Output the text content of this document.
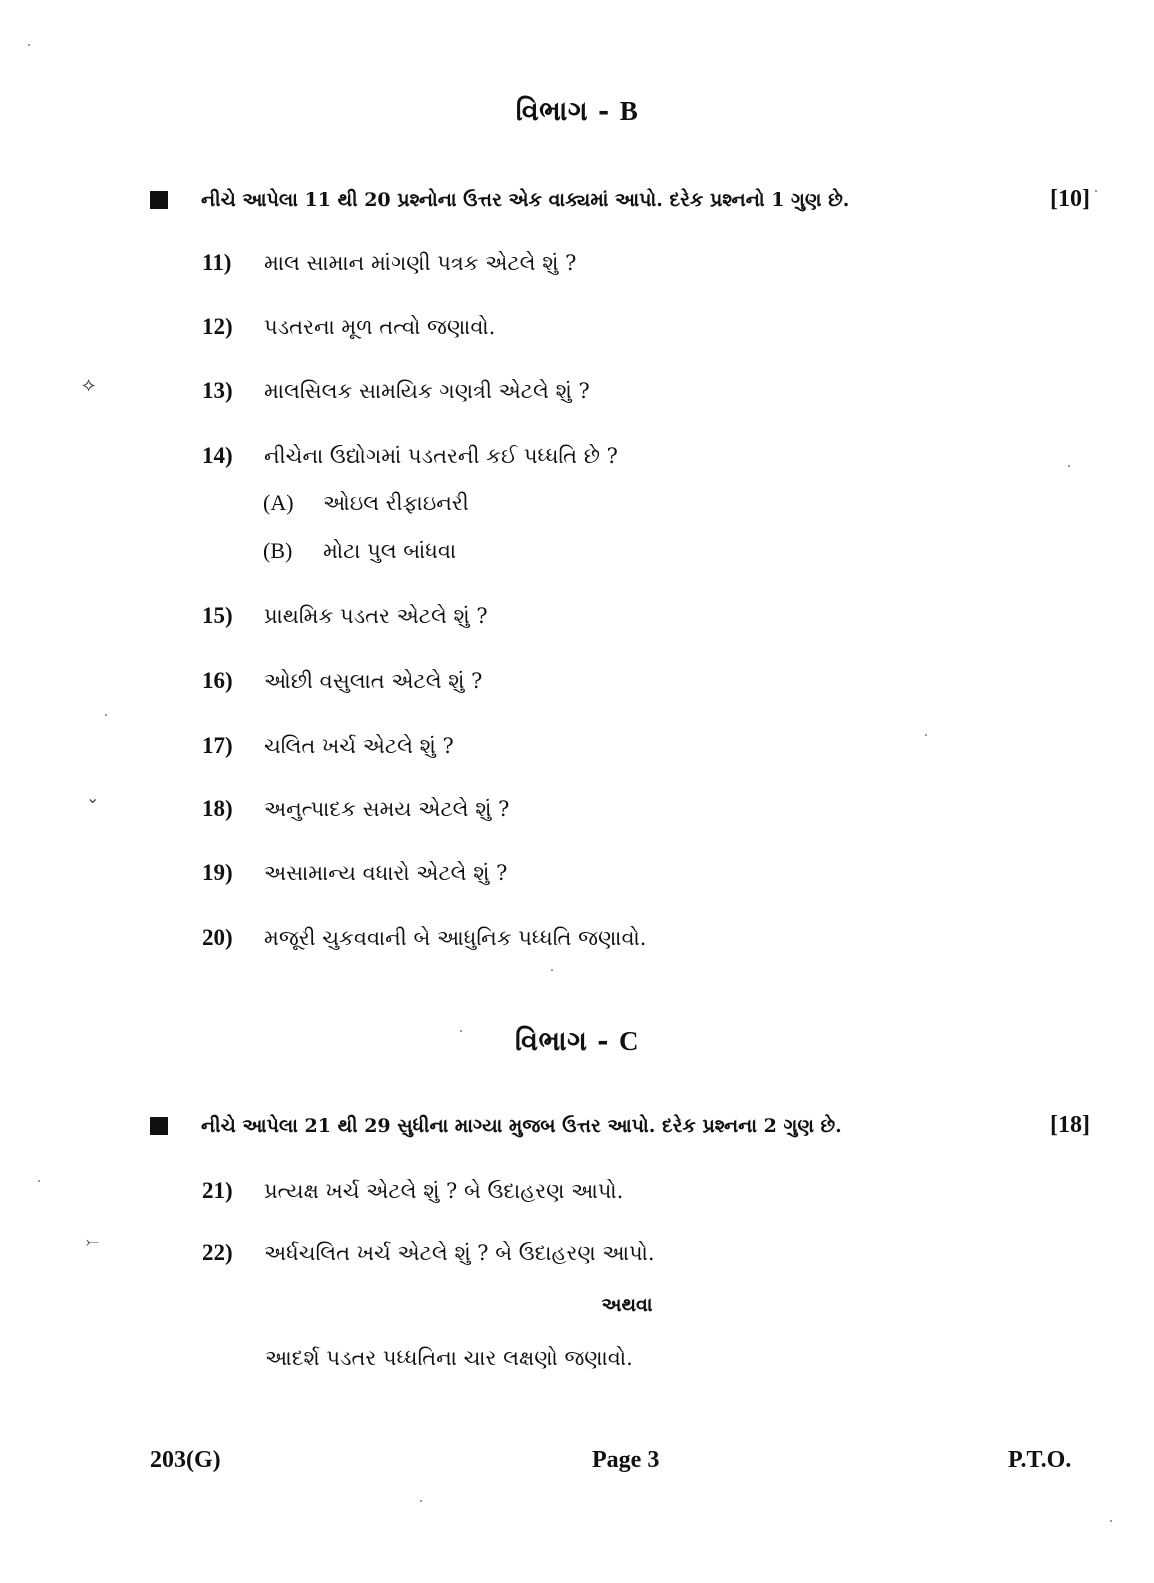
વિભાગ - B
નીચે આપેલા 11 થી 20 પ્રશ્નોના ઉત્તર એક વાક્યમાં આપો. દરેક પ્રશ્નનો 1 ગુણ છે.	[10]
11) માલ સામાન માંગણી પત્રક એટલે શું ?
12) પડતરના મૂળ તત્વો જણાવો.
13) માલસિલક સામયિક ગણત્રી એટલે શું ?
14) નીચેના ઉદ્યોગમાં પડતરની કઈ પધ્ધતિ છે ?
(A) ઓઇલ રીફાઇનરી
(B) મોટા પુલ બાંધવા
15) પ્રાથમિક પડતર એટલે શું ?
16) ઓછી વસુલાત એટલે શું ?
17) ચલિત ખર્ચ એટલે શું ?
18) અનુત્પાદક સમય એટલે શું ?
19) અસામાન્ય વધારો એટલે શું ?
20) મજૂરી ચુકવવાની બે આધુનિક પધ્ધતિ જણાવો.
વિભાગ - C
નીચે આપેલા 21 થી 29 સુધીના માગ્યા મુજબ ઉત્તર આપો. દરેક પ્રશ્નના 2 ગુણ છે.	[18]
21) પ્રત્યક્ષ ખર્ચ એટલે શું ? બે ઉદાહરણ આપો.
22) અર્ધચલિત ખર્ચ એટલે શું ? બે ઉદાહરણ આપો.
અથવા
આદર્શ પડતર પધ્ધતિના ચાર લક્ષણો જણાવો.
203(G)	Page 3	P.T.O.
⟡
⌄
⤚
